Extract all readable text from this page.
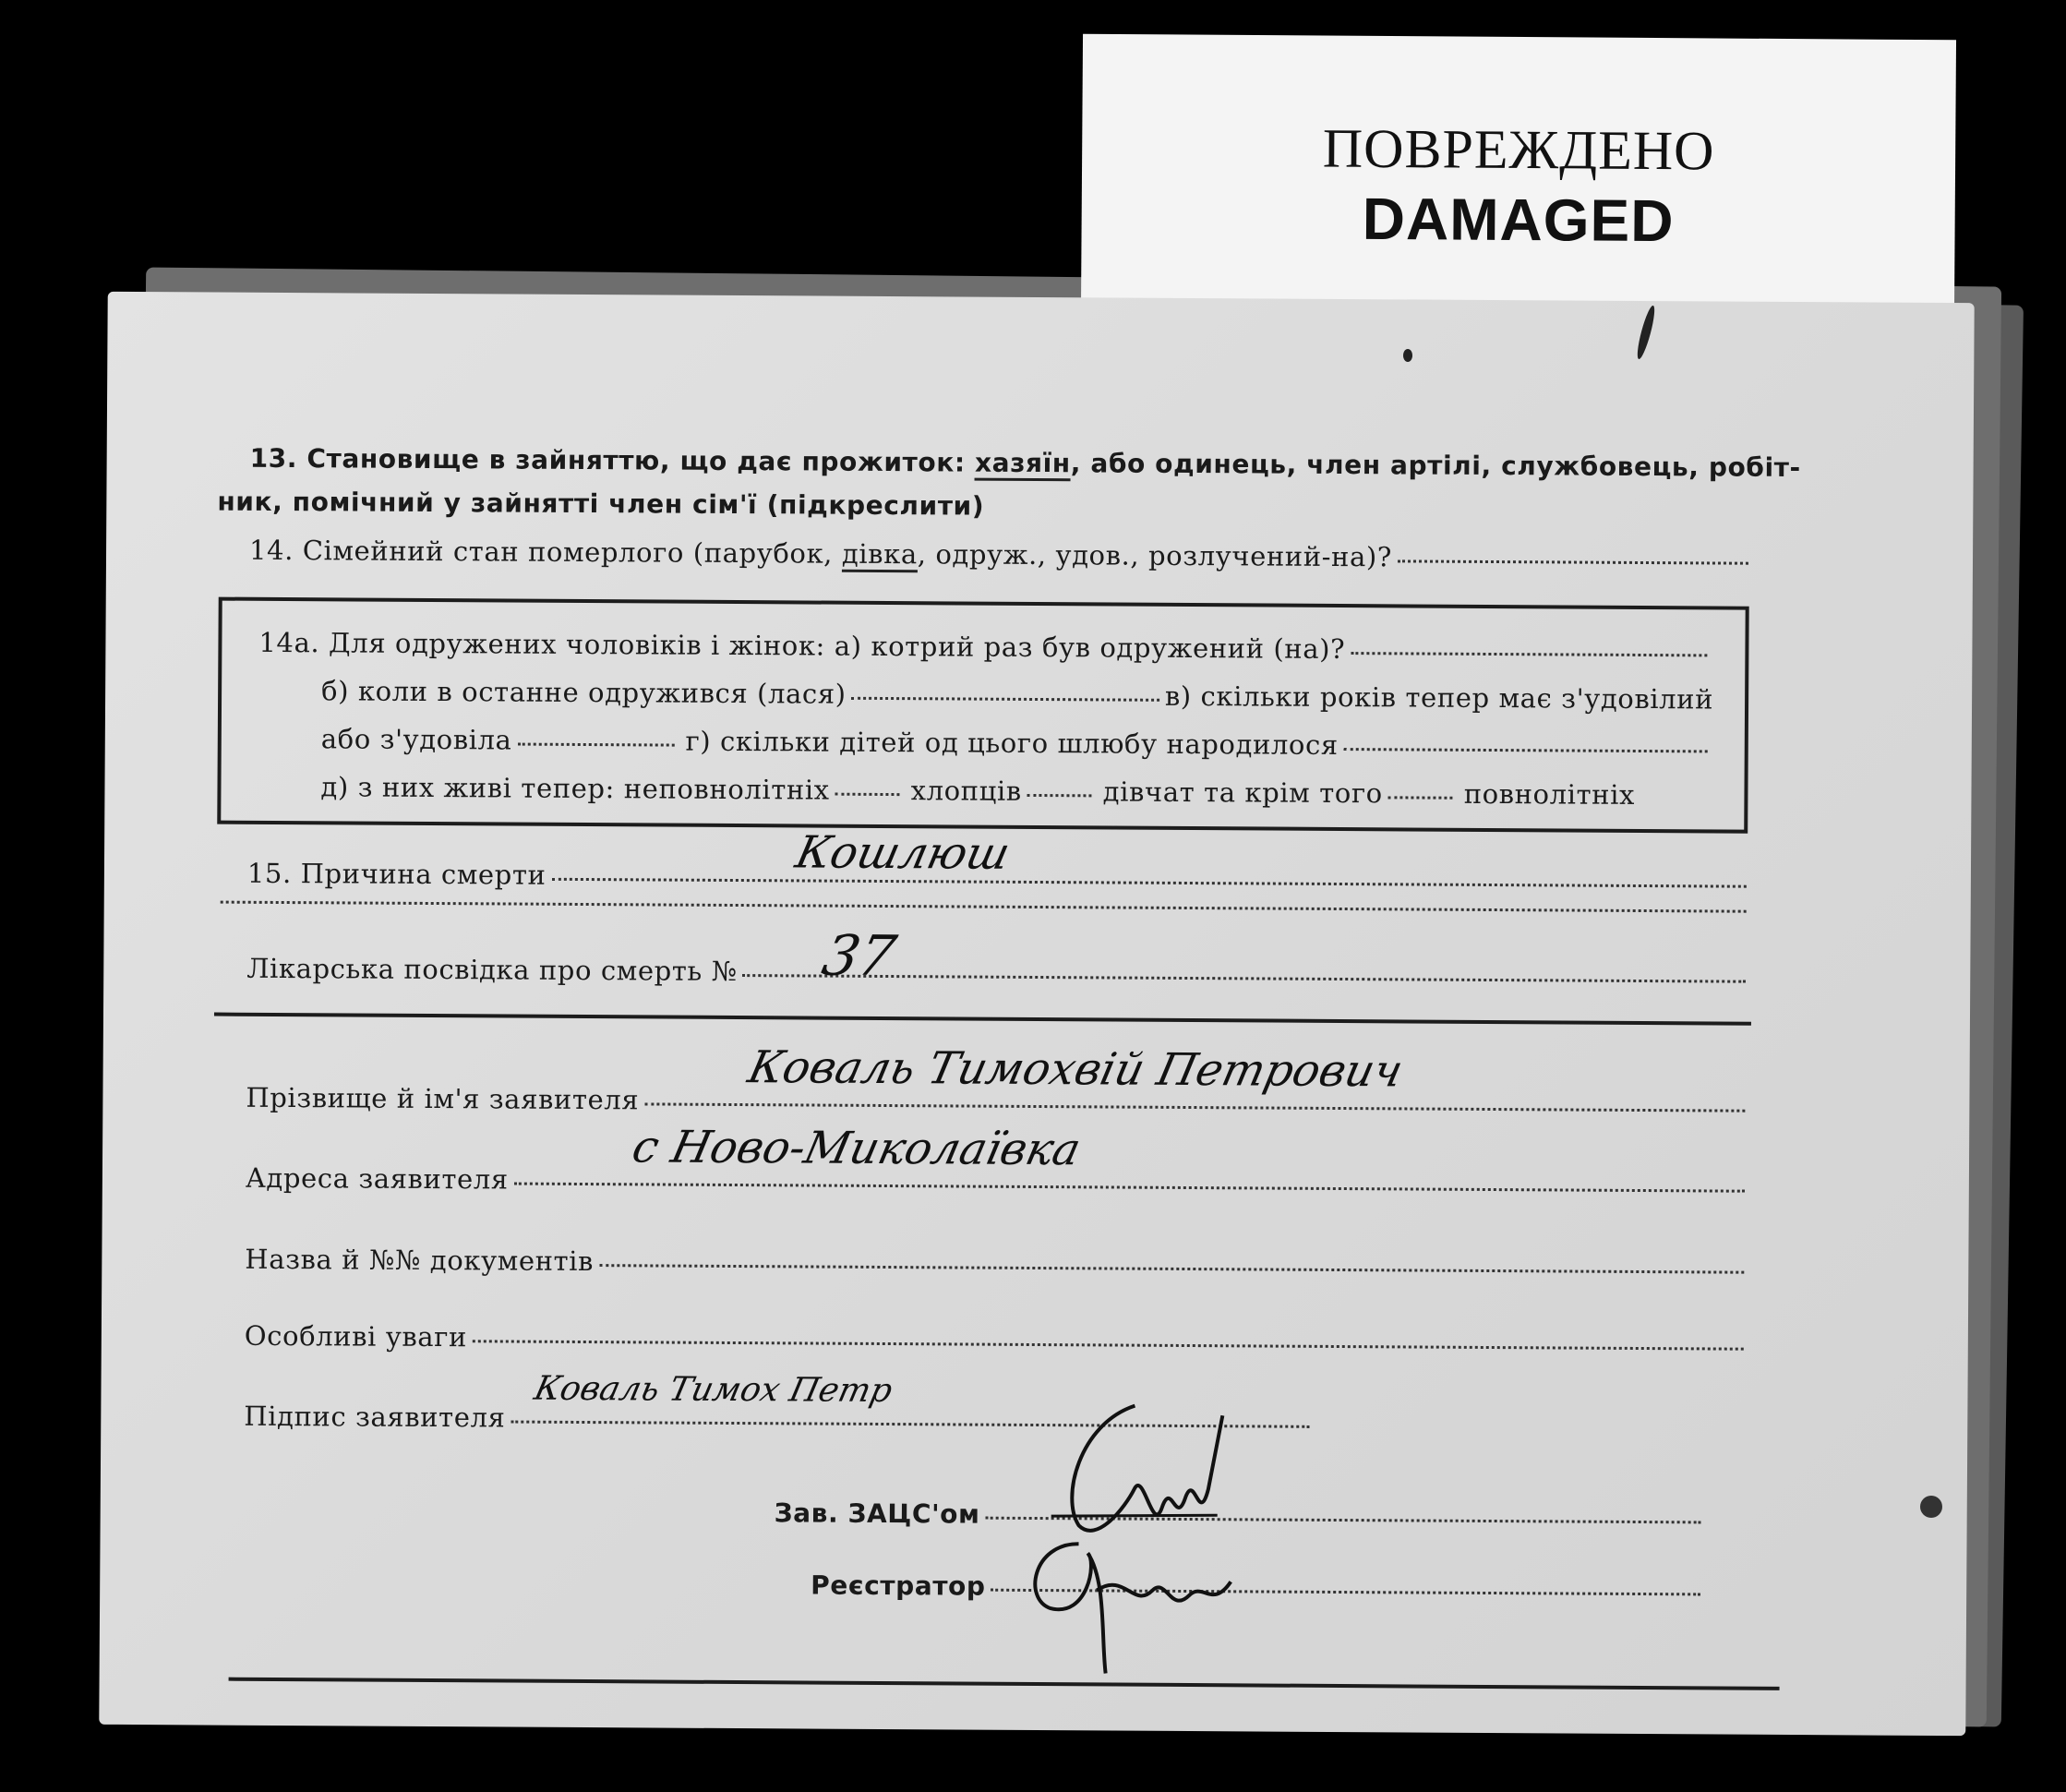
ПОВРЕЖДЕНО
DAMAGED
13. Становище в зайняттю, що дає прожиток:
хазяїн , або одинець, член артілі, службовець, робіт-
ник, помічний у зайнятті член сім'ї (підкреслити)
14. Сімейний стан померлого (парубок,
дівка , одруж., удов., розлучений-на)?
14а. Для одружених чоловіків і жінок: а) котрий раз був одружений (на)?
б) коли в останне одружився (лася)	в) скільки років тепер має з'удовілий
або з'удовіла	г) скільки дітей од цього шлюбу народилося
д) з них живі тепер: неповнолітніх	хлопців	дівчат та крім того	повнолітніх
15. Причина смерти	Кошлюш
Лікарська посвідка про смерть № 37
Прізвище й ім'я заявителя
Коваль Тимохвій Петрович
Адреса заявителя
с Ново-Миколаївка
Назва й №№ документів
Особливі уваги
Підпис заявителя
Коваль Тимох Петр
Зав. ЗАЦС'ом
Реєстратор
